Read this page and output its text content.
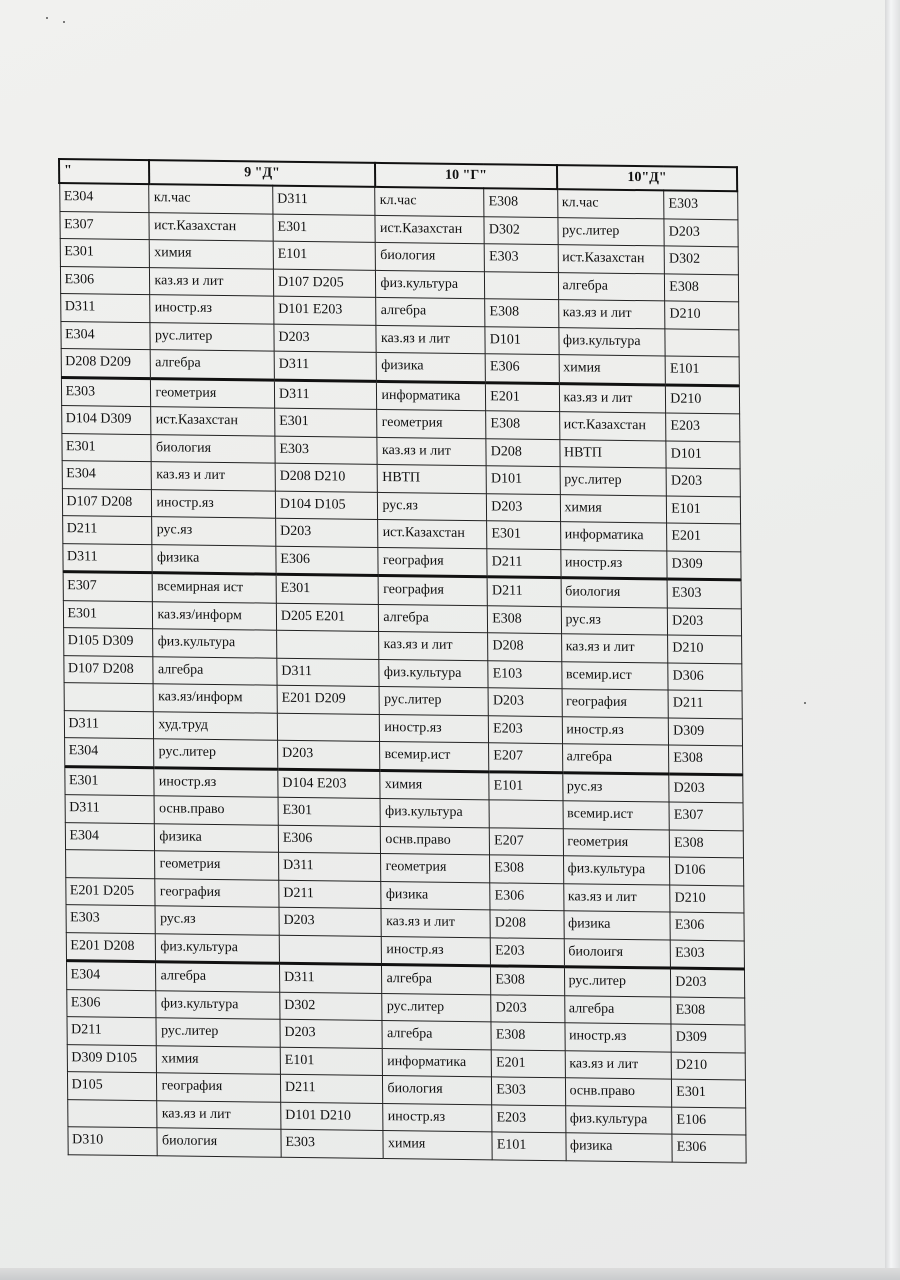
"	9 "Д"		10 "Г"		10"Д"	
E304	кл.час	D311	кл.час	E308	кл.час	E303
E307	ист.Казахстан	E301	ист.Казахстан	D302	рус.литер	D203
E301	химия	E101	биология	E303	ист.Казахстан	D302
E306	каз.яз и лит	D107 D205	физ.культура		алгебра	E308
D311	иностр.яз	D101 E203	алгебра	E308	каз.яз и лит	D210
E304	рус.литер	D203	каз.яз и лит	D101	физ.культура	
D208 D209	алгебра	D311	физика	E306	химия	E101
E303	геометрия	D311	информатика	E201	каз.яз и лит	D210
D104 D309	ист.Казахстан	E301	геометрия	E308	ист.Казахстан	E203
E301	биология	E303	каз.яз и лит	D208	НВТП	D101
E304	каз.яз и лит	D208 D210	НВТП	D101	рус.литер	D203
D107 D208	иностр.яз	D104 D105	рус.яз	D203	химия	E101
D211	рус.яз	D203	ист.Казахстан	E301	информатика	E201
D311	физика	E306	география	D211	иностр.яз	D309
E307	всемирная ист	E301	география	D211	биология	E303
E301	каз.яз/информ	D205 E201	алгебра	E308	рус.яз	D203
D105 D309	физ.культура		каз.яз и лит	D208	каз.яз и лит	D210
D107 D208	алгебра	D311	физ.культура	E103	всемир.ист	D306
	каз.яз/информ	E201 D209	рус.литер	D203	география	D211
D311	худ.труд		иностр.яз	E203	иностр.яз	D309
E304	рус.литер	D203	всемир.ист	E207	алгебра	E308
E301	иностр.яз	D104 E203	химия	E101	рус.яз	D203
D311	оснв.право	E301	физ.культура		всемир.ист	E307
E304	физика	E306	оснв.право	E207	геометрия	E308
	геометрия	D311	геометрия	E308	физ.культура	D106
E201 D205	география	D211	физика	E306	каз.яз и лит	D210
E303	рус.яз	D203	каз.яз и лит	D208	физика	E306
E201 D208	физ.культура		иностр.яз	E203	биолоигя	E303
E304	алгебра	D311	алгебра	E308	рус.литер	D203
E306	физ.культура	D302	рус.литер	D203	алгебра	E308
D211	рус.литер	D203	алгебра	E308	иностр.яз	D309
D309 D105	химия	E101	информатика	E201	каз.яз и лит	D210
D105	география	D211	биология	E303	оснв.право	E301
	каз.яз и лит	D101 D210	иностр.яз	E203	физ.культура	E106
D310	биология	E303	химия	E101	физика	E306
